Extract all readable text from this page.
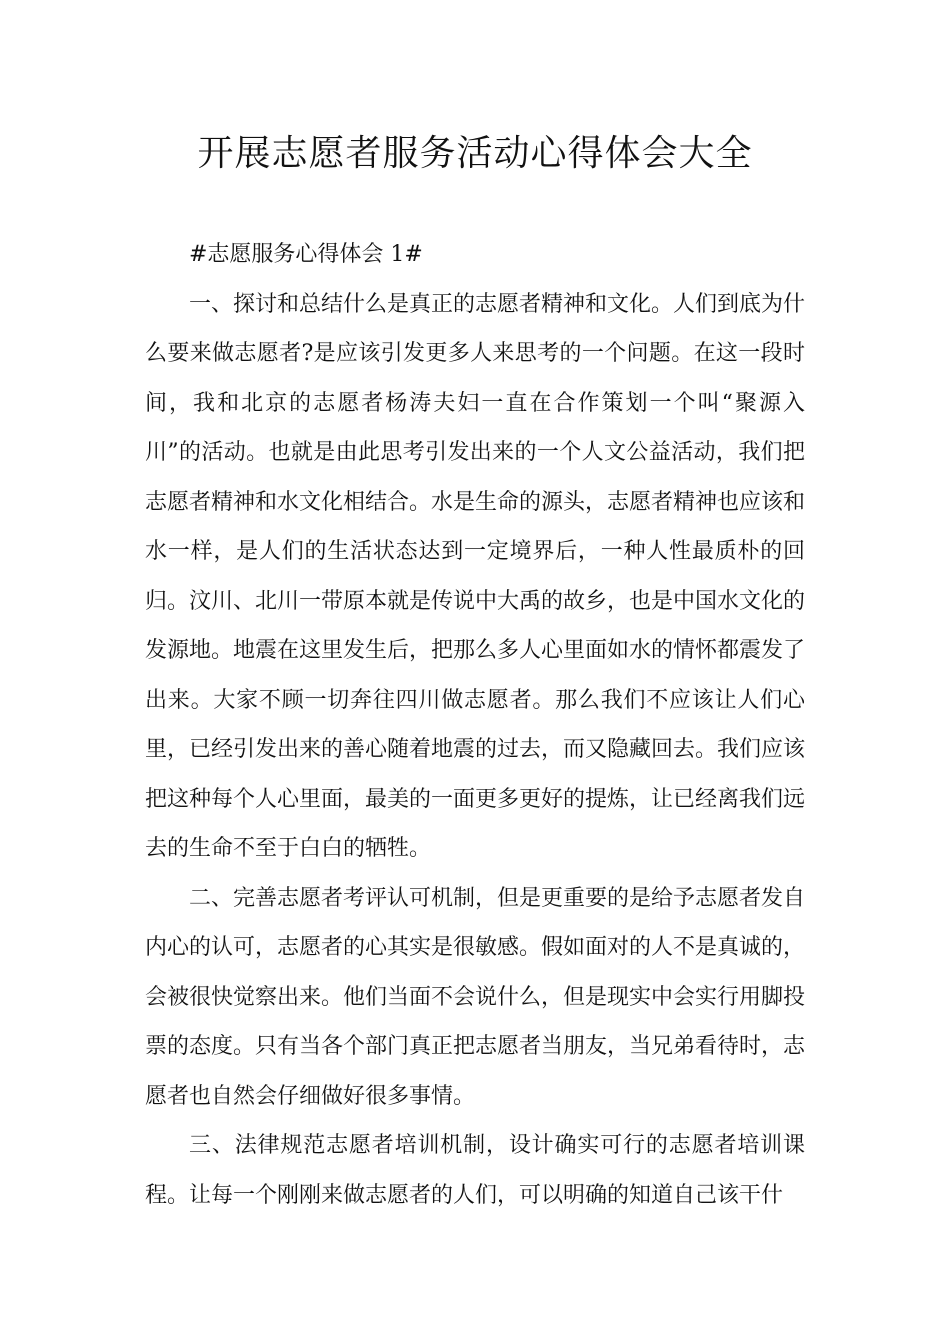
开展志愿者服务活动心得体会大全

#志愿服务心得体会 1#

一、探讨和总结什么是真正的志愿者精神和文化。人们到底为什么要来做志愿者?是应该引发更多人来思考的一个问题。在这一段时间，我和北京的志愿者杨涛夫妇一直在合作策划一个叫“聚源入川”的活动。也就是由此思考引发出来的一个人文公益活动，我们把志愿者精神和水文化相结合。水是生命的源头，志愿者精神也应该和水一样，是人们的生活状态达到一定境界后，一种人性最质朴的回归。汶川、北川一带原本就是传说中大禹的故乡，也是中国水文化的发源地。地震在这里发生后，把那么多人心里面如水的情怀都震发了出来。大家不顾一切奔往四川做志愿者。那么我们不应该让人们心里，已经引发出来的善心随着地震的过去，而又隐藏回去。我们应该把这种每个人心里面，最美的一面更多更好的提炼，让已经离我们远去的生命不至于白白的牺牲。

二、完善志愿者考评认可机制，但是更重要的是给予志愿者发自内心的认可，志愿者的心其实是很敏感。假如面对的人不是真诚的，会被很快觉察出来。他们当面不会说什么，但是现实中会实行用脚投票的态度。只有当各个部门真正把志愿者当朋友，当兄弟看待时，志愿者也自然会仔细做好很多事情。

三、法律规范志愿者培训机制，设计确实可行的志愿者培训课程。让每一个刚刚来做志愿者的人们，可以明确的知道自己该干什
